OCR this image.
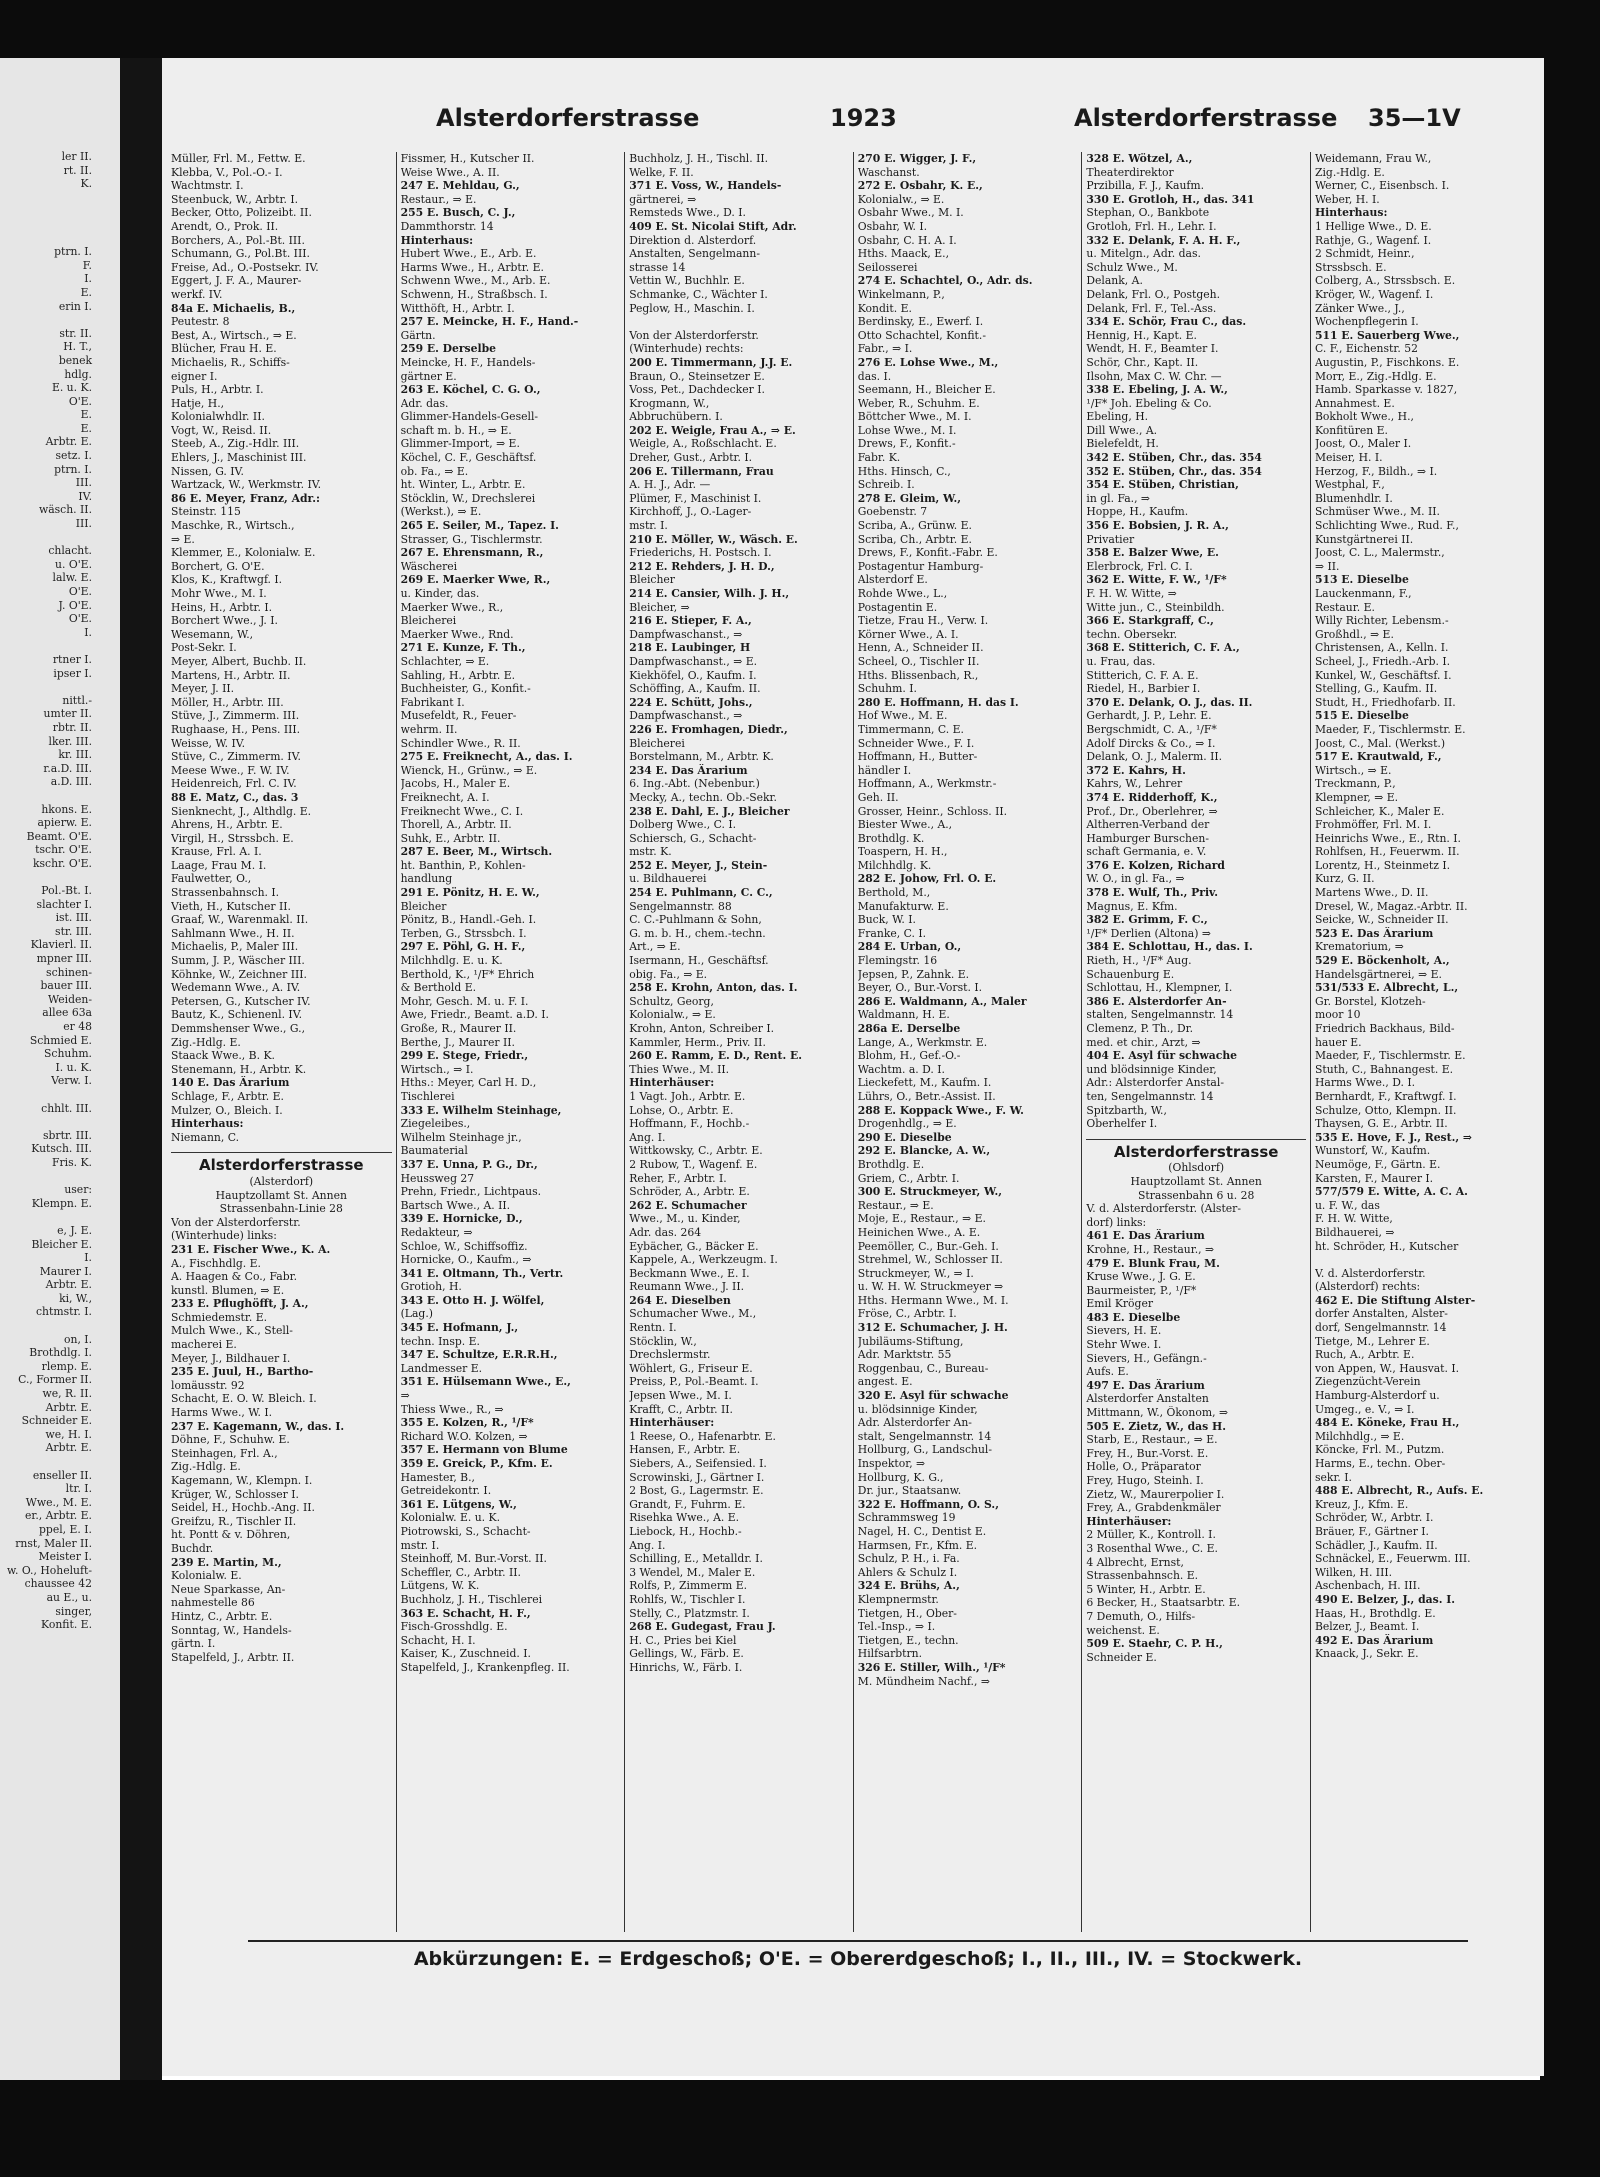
ler II.
rt. II.
K.

ptrn. I.
F.
I.
E.
erin I.

str. II.
H. T.,
benek
hdlg.
E. u. K.
O'E.
E.
E.
Arbtr. E.
setz. I.
ptrn. I.
III.
IV.
wäsch. II.
III.

chlacht.
u. O'E.
lalw. E.
O'E.
J. O'E.
O'E.
I.

rtner I.
ipser I.

nittl.-
umter II.
rbtr. II.
lker. III.
kr. III.
r.a.D. III.
a.D. III.

hkons. E.
apierw. E.
Beamt. O'E.
tschr. O'E.
kschr. O'E.

Pol.-Bt. I.
slachter I.
ist. III.
str. III.
Klavierl. II.
mpner III.
schinen-
bauer III.
Weiden-
allee 63a
er 48
Schmied E.
Schuhm.
I. u. K.
Verw. I.

chhlt. III.

sbrtr. III.
Kutsch. III.
Fris. K.

user:
Klempn. E.

e, J. E.
Bleicher E.
I.
Maurer I.
Arbtr. E.
ki, W.,
chtmstr. I.

on, I.
Brothdlg. I.
rlemp. E.
C., Former II.
we, R. II.
Arbtr. E.
Schneider E.
we, H. I.
Arbtr. E.

enseller II.
ltr. I.
Wwe., M. E.
er., Arbtr. E.
ppel, E. I.
rnst, Maler II.
Meister I.
w. O., Hoheluft-
chaussee 42
au E., u.
singer,
Konfit. E.
Alsterdorferstrasse	1923	Alsterdorferstrasse 35—1V
Müller, Frl. M., Fettw. E.
Klebba, V., Pol.-O.- I.
Wachtmstr. I.
Steenbuck, W., Arbtr. I.
Becker, Otto, Polizeibt. II.
Arendt, O., Prok. II.
Borchers, A., Pol.-Bt. III.
Schumann, G., Pol.Bt. III.
Freise, Ad., O.-Postsekr. IV.
Eggert, J. F. A., Maurer-
werkf. IV.
84a E. Michaelis, B.,
Peutestr. 8
Best, A., Wirtsch., ⇒ E.
Blücher, Frau H. E.
Michaelis, R., Schiffs-
eigner I.
Puls, H., Arbtr. I.
Hatje, H.,
Kolonialwhdlr. II.
Vogt, W., Reisd. II.
Steeb, A., Zig.-Hdlr. III.
Ehlers, J., Maschinist III.
Nissen, G. IV.
Wartzack, W., Werkmstr. IV.
86 E. Meyer, Franz, Adr.:
Steinstr. 115
Maschke, R., Wirtsch.,
⇒ E.
Klemmer, E., Kolonialw. E.
Borchert, G. O'E.
Klos, K., Kraftwgf. I.
Mohr Wwe., M. I.
Heins, H., Arbtr. I.
Borchert Wwe., J. I.
Wesemann, W.,
Post-Sekr. I.
Meyer, Albert, Buchb. II.
Martens, H., Arbtr. II.
Meyer, J. II.
Möller, H., Arbtr. III.
Stüve, J., Zimmerm. III.
Rughaase, H., Pens. III.
Weisse, W. IV.
Stüve, C., Zimmerm. IV.
Meese Wwe., F. W. IV.
Heidenreich, Frl. C. IV.
88 E. Matz, C., das. 3
Sienknecht, J., Althdlg. E.
Ahrens, H., Arbtr. E.
Virgil, H., Strssbch. E.
Krause, Frl. A. I.
Laage, Frau M. I.
Faulwetter, O.,
Strassenbahnsch. I.
Vieth, H., Kutscher II.
Graaf, W., Warenmakl. II.
Sahlmann Wwe., H. II.
Michaelis, P., Maler III.
Summ, J. P., Wäscher III.
Köhnke, W., Zeichner III.
Wedemann Wwe., A. IV.
Petersen, G., Kutscher IV.
Bautz, K., Schienenl. IV.
Demmshenser Wwe., G.,
Zig.-Hdlg. E.
Staack Wwe., B. K.
Stenemann, H., Arbtr. K.
140 E. Das Ärarium
Schlage, F., Arbtr. E.
Mulzer, O., Bleich. I.
Hinterhaus:
Niemann, C.
Alsterdorferstrasse
(Alsterdorf)
Hauptzollamt St. Annen
Strassenbahn-Linie 28
Von der Alsterdorferstr.
(Winterhude) links:
231 E. Fischer Wwe., K. A.
A., Fischhdlg. E.
A. Haagen & Co., Fabr.
kunstl. Blumen, ⇒ E.
233 E. Pflughöfft, J. A.,
Schmiedemstr. E.
Mulch Wwe., K., Stell-
macherei E.
Meyer, J., Bildhauer I.
235 E. Juul, H., Bartho-
lomäusstr. 92
Schacht, E. O. W. Bleich. I.
Harms Wwe., W. I.
237 E. Kagemann, W., das. I.
Döhne, F., Schuhw. E.
Steinhagen, Frl. A.,
Zig.-Hdlg. E.
Kagemann, W., Klempn. I.
Krüger, W., Schlosser I.
Seidel, H., Hochb.-Ang. II.
Greifzu, R., Tischler II.
ht. Pontt & v. Döhren,
Buchdr.
239 E. Martin, M.,
Kolonialw. E.
Neue Sparkasse, An-
nahmestelle 86
Hintz, C., Arbtr. E.
Sonntag, W., Handels-
gärtn. I.
Stapelfeld, J., Arbtr. II.
Fissmer, H., Kutscher II.
Weise Wwe., A. II.
247 E. Mehldau, G.,
Restaur., ⇒ E.
255 E. Busch, C. J.,
Dammthorstr. 14
Hinterhaus:
Hubert Wwe., E., Arb. E.
Harms Wwe., H., Arbtr. E.
Schwenn Wwe., M., Arb. E.
Schwenn, H., Straßbsch. I.
Witthöft, H., Arbtr. I.
257 E. Meincke, H. F., Hand.-
Gärtn.
259 E. Derselbe
Meincke, H. F., Handels-
gärtner E.
263 E. Köchel, C. G. O.,
Adr. das.
Glimmer-Handels-Gesell-
schaft m. b. H., ⇒ E.
Glimmer-Import, ⇒ E.
Köchel, C. F., Geschäftsf.
ob. Fa., ⇒ E.
ht. Winter, L., Arbtr. E.
Stöcklin, W., Drechslerei
(Werkst.), ⇒ E.
265 E. Seiler, M., Tapez. I.
Strasser, G., Tischlermstr.
267 E. Ehrensmann, R.,
Wäscherei
269 E. Maerker Wwe, R.,
u. Kinder, das.
Maerker Wwe., R.,
Bleicherei
Maerker Wwe., Rnd.
271 E. Kunze, F. Th.,
Schlachter, ⇒ E.
Sahling, H., Arbtr. E.
Buchheister, G., Konfit.-
Fabrikant I.
Musefeldt, R., Feuer-
wehrm. II.
Schindler Wwe., R. II.
275 E. Freiknecht, A., das. I.
Wienck, H., Grünw., ⇒ E.
Jacobs, H., Maler E.
Freiknecht, A. I.
Freiknecht Wwe., C. I.
Thorell, A., Arbtr. II.
Suhk, E., Arbtr. II.
287 E. Beer, M., Wirtsch.
ht. Banthin, P., Kohlen-
handlung
291 E. Pönitz, H. E. W.,
Bleicher
Pönitz, B., Handl.-Geh. I.
Terben, G., Strssbch. I.
297 E. Pöhl, G. H. F.,
Milchhdlg. E. u. K.
Berthold, K., ¹/F* Ehrich
& Berthold E.
Mohr, Gesch. M. u. F. I.
Awe, Friedr., Beamt. a.D. I.
Große, R., Maurer II.
Berthe, J., Maurer II.
299 E. Stege, Friedr.,
Wirtsch., ⇒ I.
Hths.: Meyer, Carl H. D.,
Tischlerei
333 E. Wilhelm Steinhage,
Ziegeleibes.,
Wilhelm Steinhage jr.,
Baumaterial
337 E. Unna, P. G., Dr.,
Heussweg 27
Prehn, Friedr., Lichtpaus.
Bartsch Wwe., A. II.
339 E. Hornicke, D.,
Redakteur, ⇒
Schloe, W., Schiffsoffiz.
Hornicke, O., Kaufm., ⇒
341 E. Oltmann, Th., Vertr.
Grotioh, H.
343 E. Otto H. J. Wölfel,
(Lag.)
345 E. Hofmann, J.,
techn. Insp. E.
347 E. Schultze, E.R.R.H.,
Landmesser E.
351 E. Hülsemann Wwe., E.,
⇒
Thiess Wwe., R., ⇒
355 E. Kolzen, R., ¹/F*
Richard W.O. Kolzen, ⇒
357 E. Hermann von Blume
359 E. Greick, P., Kfm. E.
Hamester, B.,
Getreidekontr. I.
361 E. Lütgens, W.,
Kolonialw. E. u. K.
Piotrowski, S., Schacht-
mstr. I.
Steinhoff, M. Bur.-Vorst. II.
Scheffler, C., Arbtr. II.
Lütgens, W. K.
Buchholz, J. H., Tischlerei
363 E. Schacht, H. F.,
Fisch-Grosshdlg. E.
Schacht, H. I.
Kaiser, K., Zuschneid. I.
Stapelfeld, J., Krankenpfleg. II.
Buchholz, J. H., Tischl. II.
Welke, F. II.
371 E. Voss, W., Handels-
gärtnerei, ⇒
Remsteds Wwe., D. I.
409 E. St. Nicolai Stift, Adr.
Direktion d. Alsterdorf.
Anstalten, Sengelmann-
strasse 14
Vettin W., Buchhlr. E.
Schmanke, C., Wächter I.
Peglow, H., Maschin. I.

Von der Alsterdorferstr.
(Winterhude) rechts:
200 E. Timmermann, J.J. E.
Braun, O., Steinsetzer E.
Voss, Pet., Dachdecker I.
Krogmann, W.,
Abbruchübern. I.
202 E. Weigle, Frau A., ⇒ E.
Weigle, A., Roßschlacht. E.
Dreher, Gust., Arbtr. I.
206 E. Tillermann, Frau
A. H. J., Adr. —
Plümer, F., Maschinist I.
Kirchhoff, J., O.-Lager-
mstr. I.
210 E. Möller, W., Wäsch. E.
Friederichs, H. Postsch. I.
212 E. Rehders, J. H. D.,
Bleicher
214 E. Cansier, Wilh. J. H.,
Bleicher, ⇒
216 E. Stieper, F. A.,
Dampfwaschanst., ⇒
218 E. Laubinger, H
Dampfwaschanst., ⇒ E.
Kiekhöfel, O., Kaufm. I.
Schöffing, A., Kaufm. II.
224 E. Schütt, Johs.,
Dampfwaschanst., ⇒
226 E. Fromhagen, Diedr.,
Bleicherei
Borstelmann, M., Arbtr. K.
234 E. Das Ärarium
6. Ing.-Abt. (Nebenbur.)
Mecky, A., techn. Ob.-Sekr.
238 E. Dahl, E. J., Bleicher
Dolberg Wwe., C. I.
Schiersch, G., Schacht-
mstr. K.
252 E. Meyer, J., Stein-
u. Bildhauerei
254 E. Puhlmann, C. C.,
Sengelmannstr. 88
C. C.-Puhlmann & Sohn,
G. m. b. H., chem.-techn.
Art., ⇒ E.
Isermann, H., Geschäftsf.
obig. Fa., ⇒ E.
258 E. Krohn, Anton, das. I.
Schultz, Georg,
Kolonialw., ⇒ E.
Krohn, Anton, Schreiber I.
Kammler, Herm., Priv. II.
260 E. Ramm, E. D., Rent. E.
Thies Wwe., M. II.
Hinterhäuser:
1 Vagt. Joh., Arbtr. E.
Lohse, O., Arbtr. E.
Hoffmann, F., Hochb.-
Ang. I.
Wittkowsky, C., Arbtr. E.
2 Rubow, T., Wagenf. E.
Reher, F., Arbtr. I.
Schröder, A., Arbtr. E.
262 E. Schumacher
Wwe., M., u. Kinder,
Adr. das. 264
Eybächer, G., Bäcker E.
Kappele, A., Werkzeugm. I.
Beckmann Wwe., E. I.
Reumann Wwe., J. II.
264 E. Dieselben
Schumacher Wwe., M.,
Rentn. I.
Stöcklin, W.,
Drechslermstr.
Wöhlert, G., Friseur E.
Preiss, P., Pol.-Beamt. I.
Jepsen Wwe., M. I.
Krafft, C., Arbtr. II.
Hinterhäuser:
1 Reese, O., Hafenarbtr. E.
Hansen, F., Arbtr. E.
Siebers, A., Seifensied. I.
Scrowinski, J., Gärtner I.
2 Bost, G., Lagermstr. E.
Grandt, F., Fuhrm. E.
Risehka Wwe., A. E.
Liebock, H., Hochb.-
Ang. I.
Schilling, E., Metalldr. I.
3 Wendel, M., Maler E.
Rolfs, P., Zimmerm E.
Rohlfs, W., Tischler I.
Stelly, C., Platzmstr. I.
268 E. Gudegast, Frau J.
H. C., Pries bei Kiel
Gellings, W., Färb. E.
Hinrichs, W., Färb. I.
270 E. Wigger, J. F.,
Waschanst.
272 E. Osbahr, K. E.,
Kolonialw., ⇒ E.
Osbahr Wwe., M. I.
Osbahr, W. I.
Osbahr, C. H. A. I.
Hths. Maack, E.,
Seilosserei
274 E. Schachtel, O., Adr. ds.
Winkelmann, P.,
Kondit. E.
Berdinsky, E., Ewerf. I.
Otto Schachtel, Konfit.-
Fabr., ⇒ I.
276 E. Lohse Wwe., M.,
das. I.
Seemann, H., Bleicher E.
Weber, R., Schuhm. E.
Böttcher Wwe., M. I.
Lohse Wwe., M. I.
Drews, F., Konfit.-
Fabr. K.
Hths. Hinsch, C.,
Schreib. I.
278 E. Gleim, W.,
Goebenstr. 7
Scriba, A., Grünw. E.
Scriba, Ch., Arbtr. E.
Drews, F., Konfit.-Fabr. E.
Postagentur Hamburg-
Alsterdorf E.
Rohde Wwe., L.,
Postagentin E.
Tietze, Frau H., Verw. I.
Körner Wwe., A. I.
Henn, A., Schneider II.
Scheel, O., Tischler II.
Hths. Blissenbach, R.,
Schuhm. I.
280 E. Hoffmann, H. das I.
Hof Wwe., M. E.
Timmermann, C. E.
Schneider Wwe., F. I.
Hoffmann, H., Butter-
händler I.
Hoffmann, A., Werkmstr.-
Geh. II.
Grosser, Heinr., Schloss. II.
Biester Wwe., A.,
Brothdlg. K.
Toaspern, H. H.,
Milchhdlg. K.
282 E. Johow, Frl. O. E.
Berthold, M.,
Manufakturw. E.
Buck, W. I.
Franke, C. I.
284 E. Urban, O.,
Flemingstr. 16
Jepsen, P., Zahnk. E.
Beyer, O., Bur.-Vorst. I.
286 E. Waldmann, A., Maler
Waldmann, H. E.
286a E. Derselbe
Lange, A., Werkmstr. E.
Blohm, H., Gef.-O.-
Wachtm. a. D. I.
Lieckefett, M., Kaufm. I.
Lührs, O., Betr.-Assist. II.
288 E. Koppack Wwe., F. W.
Drogenhdlg., ⇒ E.
290 E. Dieselbe
292 E. Blancke, A. W.,
Brothdlg. E.
Griem, C., Arbtr. I.
300 E. Struckmeyer, W.,
Restaur., ⇒ E.
Moje, E., Restaur., ⇒ E.
Heinichen Wwe., A. E.
Peemöller, C., Bur.-Geh. I.
Strehmel, W., Schlosser II.
Struckmeyer, W., ⇒ I.
u. W. H. W. Struckmeyer ⇒
Hths. Hermann Wwe., M. I.
Fröse, C., Arbtr. I.
312 E. Schumacher, J. H.
Jubiläums-Stiftung,
Adr. Marktstr. 55
Roggenbau, C., Bureau-
angest. E.
320 E. Asyl für schwache
u. blödsinnige Kinder,
Adr. Alsterdorfer An-
stalt, Sengelmannstr. 14
Hollburg, G., Landschul-
Inspektor, ⇒
Hollburg, K. G.,
Dr. jur., Staatsanw.
322 E. Hoffmann, O. S.,
Schrammsweg 19
Nagel, H. C., Dentist E.
Harmsen, Fr., Kfm. E.
Schulz, P. H., i. Fa.
Ahlers & Schulz I.
324 E. Brühs, A.,
Klempnermstr.
Tietgen, H., Ober-
Tel.-Insp., ⇒ I.
Tietgen, E., techn.
Hilfsarbtrn.
326 E. Stiller, Wilh., ¹/F*
M. Mündheim Nachf., ⇒
328 E. Wötzel, A.,
Theaterdirektor
Przibilla, F. J., Kaufm.
330 E. Grotloh, H., das. 341
Stephan, O., Bankbote
Grotloh, Frl. H., Lehr. I.
332 E. Delank, F. A. H. F.,
u. Mitelgn., Adr. das.
Schulz Wwe., M.
Delank, A.
Delank, Frl. O., Postgeh.
Delank, Frl. F., Tel.-Ass.
334 E. Schör, Frau C., das.
Hennig, H., Kapt. E.
Wendt, H. F., Beamter I.
Schör, Chr., Kapt. II.
Ilsohn, Max C. W. Chr. —
338 E. Ebeling, J. A. W.,
¹/F* Joh. Ebeling & Co.
Ebeling, H.
Dill Wwe., A.
Bielefeldt, H.
342 E. Stüben, Chr., das. 354
352 E. Stüben, Chr., das. 354
354 E. Stüben, Christian,
in gl. Fa., ⇒
Hoppe, H., Kaufm.
356 E. Bobsien, J. R. A.,
Privatier
358 E. Balzer Wwe, E.
Elerbrock, Frl. C. I.
362 E. Witte, F. W., ¹/F*
F. H. W. Witte, ⇒
Witte jun., C., Steinbildh.
366 E. Starkgraff, C.,
techn. Obersekr.
368 E. Stitterich, C. F. A.,
u. Frau, das.
Stitterich, C. F. A. E.
Riedel, H., Barbier I.
370 E. Delank, O. J., das. II.
Gerhardt, J. P., Lehr. E.
Bergschmidt, C. A., ¹/F*
Adolf Dircks & Co., ⇒ I.
Delank, O. J., Malerm. II.
372 E. Kahrs, H.
Kahrs, W., Lehrer
374 E. Ridderhoff, K.,
Prof., Dr., Oberlehrer, ⇒
Altherren-Verband der
Hamburger Burschen-
schaft Germania, e. V.
376 E. Kolzen, Richard
W. O., in gl. Fa., ⇒
378 E. Wulf, Th., Priv.
Magnus, E. Kfm.
382 E. Grimm, F. C.,
¹/F* Derlien (Altona) ⇒
384 E. Schlottau, H., das. I.
Rieth, H., ¹/F* Aug.
Schauenburg E.
Schlottau, H., Klempner, I.
386 E. Alsterdorfer An-
stalten, Sengelmannstr. 14
Clemenz, P. Th., Dr.
med. et chir., Arzt, ⇒
404 E. Asyl für schwache
und blödsinnige Kinder,
Adr.: Alsterdorfer Anstal-
ten, Sengelmannstr. 14
Spitzbarth, W.,
Oberhelfer I.
Alsterdorferstrasse
(Ohlsdorf)
Hauptzollamt St. Annen
Strassenbahn 6 u. 28
V. d. Alsterdorferstr. (Alster-
dorf) links:
461 E. Das Ärarium
Krohne, H., Restaur., ⇒
479 E. Blunk Frau, M.
Kruse Wwe., J. G. E.
Baurmeister, P., ¹/F*
Emil Kröger
483 E. Dieselbe
Sievers, H. E.
Stehr Wwe. I.
Sievers, H., Gefängn.-
Aufs. E.
497 E. Das Ärarium
Alsterdorfer Anstalten
Mittmann, W., Ökonom, ⇒
505 E. Zietz, W., das H.
Starb, E., Restaur., ⇒ E.
Frey, H., Bur.-Vorst. E.
Holle, O., Präparator
Frey, Hugo, Steinh. I.
Zietz, W., Maurerpolier I.
Frey, A., Grabdenkmäler
Hinterhäuser:
2 Müller, K., Kontroll. I.
3 Rosenthal Wwe., C. E.
4 Albrecht, Ernst,
Strassenbahnsch. E.
5 Winter, H., Arbtr. E.
6 Becker, H., Staatsarbtr. E.
7 Demuth, O., Hilfs-
weichenst. E.
509 E. Staehr, C. P. H.,
Schneider E.
Weidemann, Frau W.,
Zig.-Hdlg. E.
Werner, C., Eisenbsch. I.
Weber, H. I.
Hinterhaus:
1 Hellige Wwe., D. E.
Rathje, G., Wagenf. I.
2 Schmidt, Heinr.,
Strssbsch. E.
Colberg, A., Strssbsch. E.
Kröger, W., Wagenf. I.
Zänker Wwe., J.,
Wochenpflegerin I.
511 E. Sauerberg Wwe.,
C. F., Eichenstr. 52
Augustin, P., Fischkons. E.
Morr, E., Zig.-Hdlg. E.
Hamb. Sparkasse v. 1827,
Annahmest. E.
Bokholt Wwe., H.,
Konfitüren E.
Joost, O., Maler I.
Meiser, H. I.
Herzog, F., Bildh., ⇒ I.
Westphal, F.,
Blumenhdlr. I.
Schmüser Wwe., M. II.
Schlichting Wwe., Rud. F.,
Kunstgärtnerei II.
Joost, C. L., Malermstr.,
⇒ II.
513 E. Dieselbe
Lauckenmann, F.,
Restaur. E.
Willy Richter, Lebensm.-
Großhdl., ⇒ E.
Christensen, A., Kelln. I.
Scheel, J., Friedh.-Arb. I.
Kunkel, W., Geschäftsf. I.
Stelling, G., Kaufm. II.
Studt, H., Friedhofarb. II.
515 E. Dieselbe
Maeder, F., Tischlermstr. E.
Joost, C., Mal. (Werkst.)
517 E. Krautwald, F.,
Wirtsch., ⇒ E.
Treckmann, P.,
Klempner, ⇒ E.
Schleicher, K., Maler E.
Frohmöffer, Frl. M. I.
Heinrichs Wwe., E., Rtn. I.
Rohlfsen, H., Feuerwm. II.
Lorentz, H., Steinmetz I.
Kurz, G. II.
Martens Wwe., D. II.
Dresel, W., Magaz.-Arbtr. II.
Seicke, W., Schneider II.
523 E. Das Ärarium
Krematorium, ⇒
529 E. Böckenholt, A.,
Handelsgärtnerei, ⇒ E.
531/533 E. Albrecht, L.,
Gr. Borstel, Klotzeh-
moor 10
Friedrich Backhaus, Bild-
hauer E.
Maeder, F., Tischlermstr. E.
Stuth, C., Bahnangest. E.
Harms Wwe., D. I.
Bernhardt, F., Kraftwgf. I.
Schulze, Otto, Klempn. II.
Thaysen, G. E., Arbtr. II.
535 E. Hove, F. J., Rest., ⇒
Wunstorf, W., Kaufm.
Neumöge, F., Gärtn. E.
Karsten, F., Maurer I.
577/579 E. Witte, A. C. A.
u. F. W., das
F. H. W. Witte,
Bildhauerei, ⇒
ht. Schröder, H., Kutscher

V. d. Alsterdorferstr.
(Alsterdorf) rechts:
462 E. Die Stiftung Alster-
dorfer Anstalten, Alster-
dorf, Sengelmannstr. 14
Tietge, M., Lehrer E.
Ruch, A., Arbtr. E.
von Appen, W., Hausvat. I.
Ziegenzücht-Verein
Hamburg-Alsterdorf u.
Umgeg., e. V., ⇒ I.
484 E. Köneke, Frau H.,
Milchhdlg., ⇒ E.
Köncke, Frl. M., Putzm.
Harms, E., techn. Ober-
sekr. I.
488 E. Albrecht, R., Aufs. E.
Kreuz, J., Kfm. E.
Schröder, W., Arbtr. I.
Bräuer, F., Gärtner I.
Schädler, J., Kaufm. II.
Schnäckel, E., Feuerwm. III.
Wilken, H. III.
Aschenbach, H. III.
490 E. Belzer, J., das. I.
Haas, H., Brothdlg. E.
Belzer, J., Beamt. I.
492 E. Das Ärarium
Knaack, J., Sekr. E.
Abkürzungen: E. = Erdgeschoß; O'E. = Obererdgeschoß; I., II., III., IV. = Stockwerk.
